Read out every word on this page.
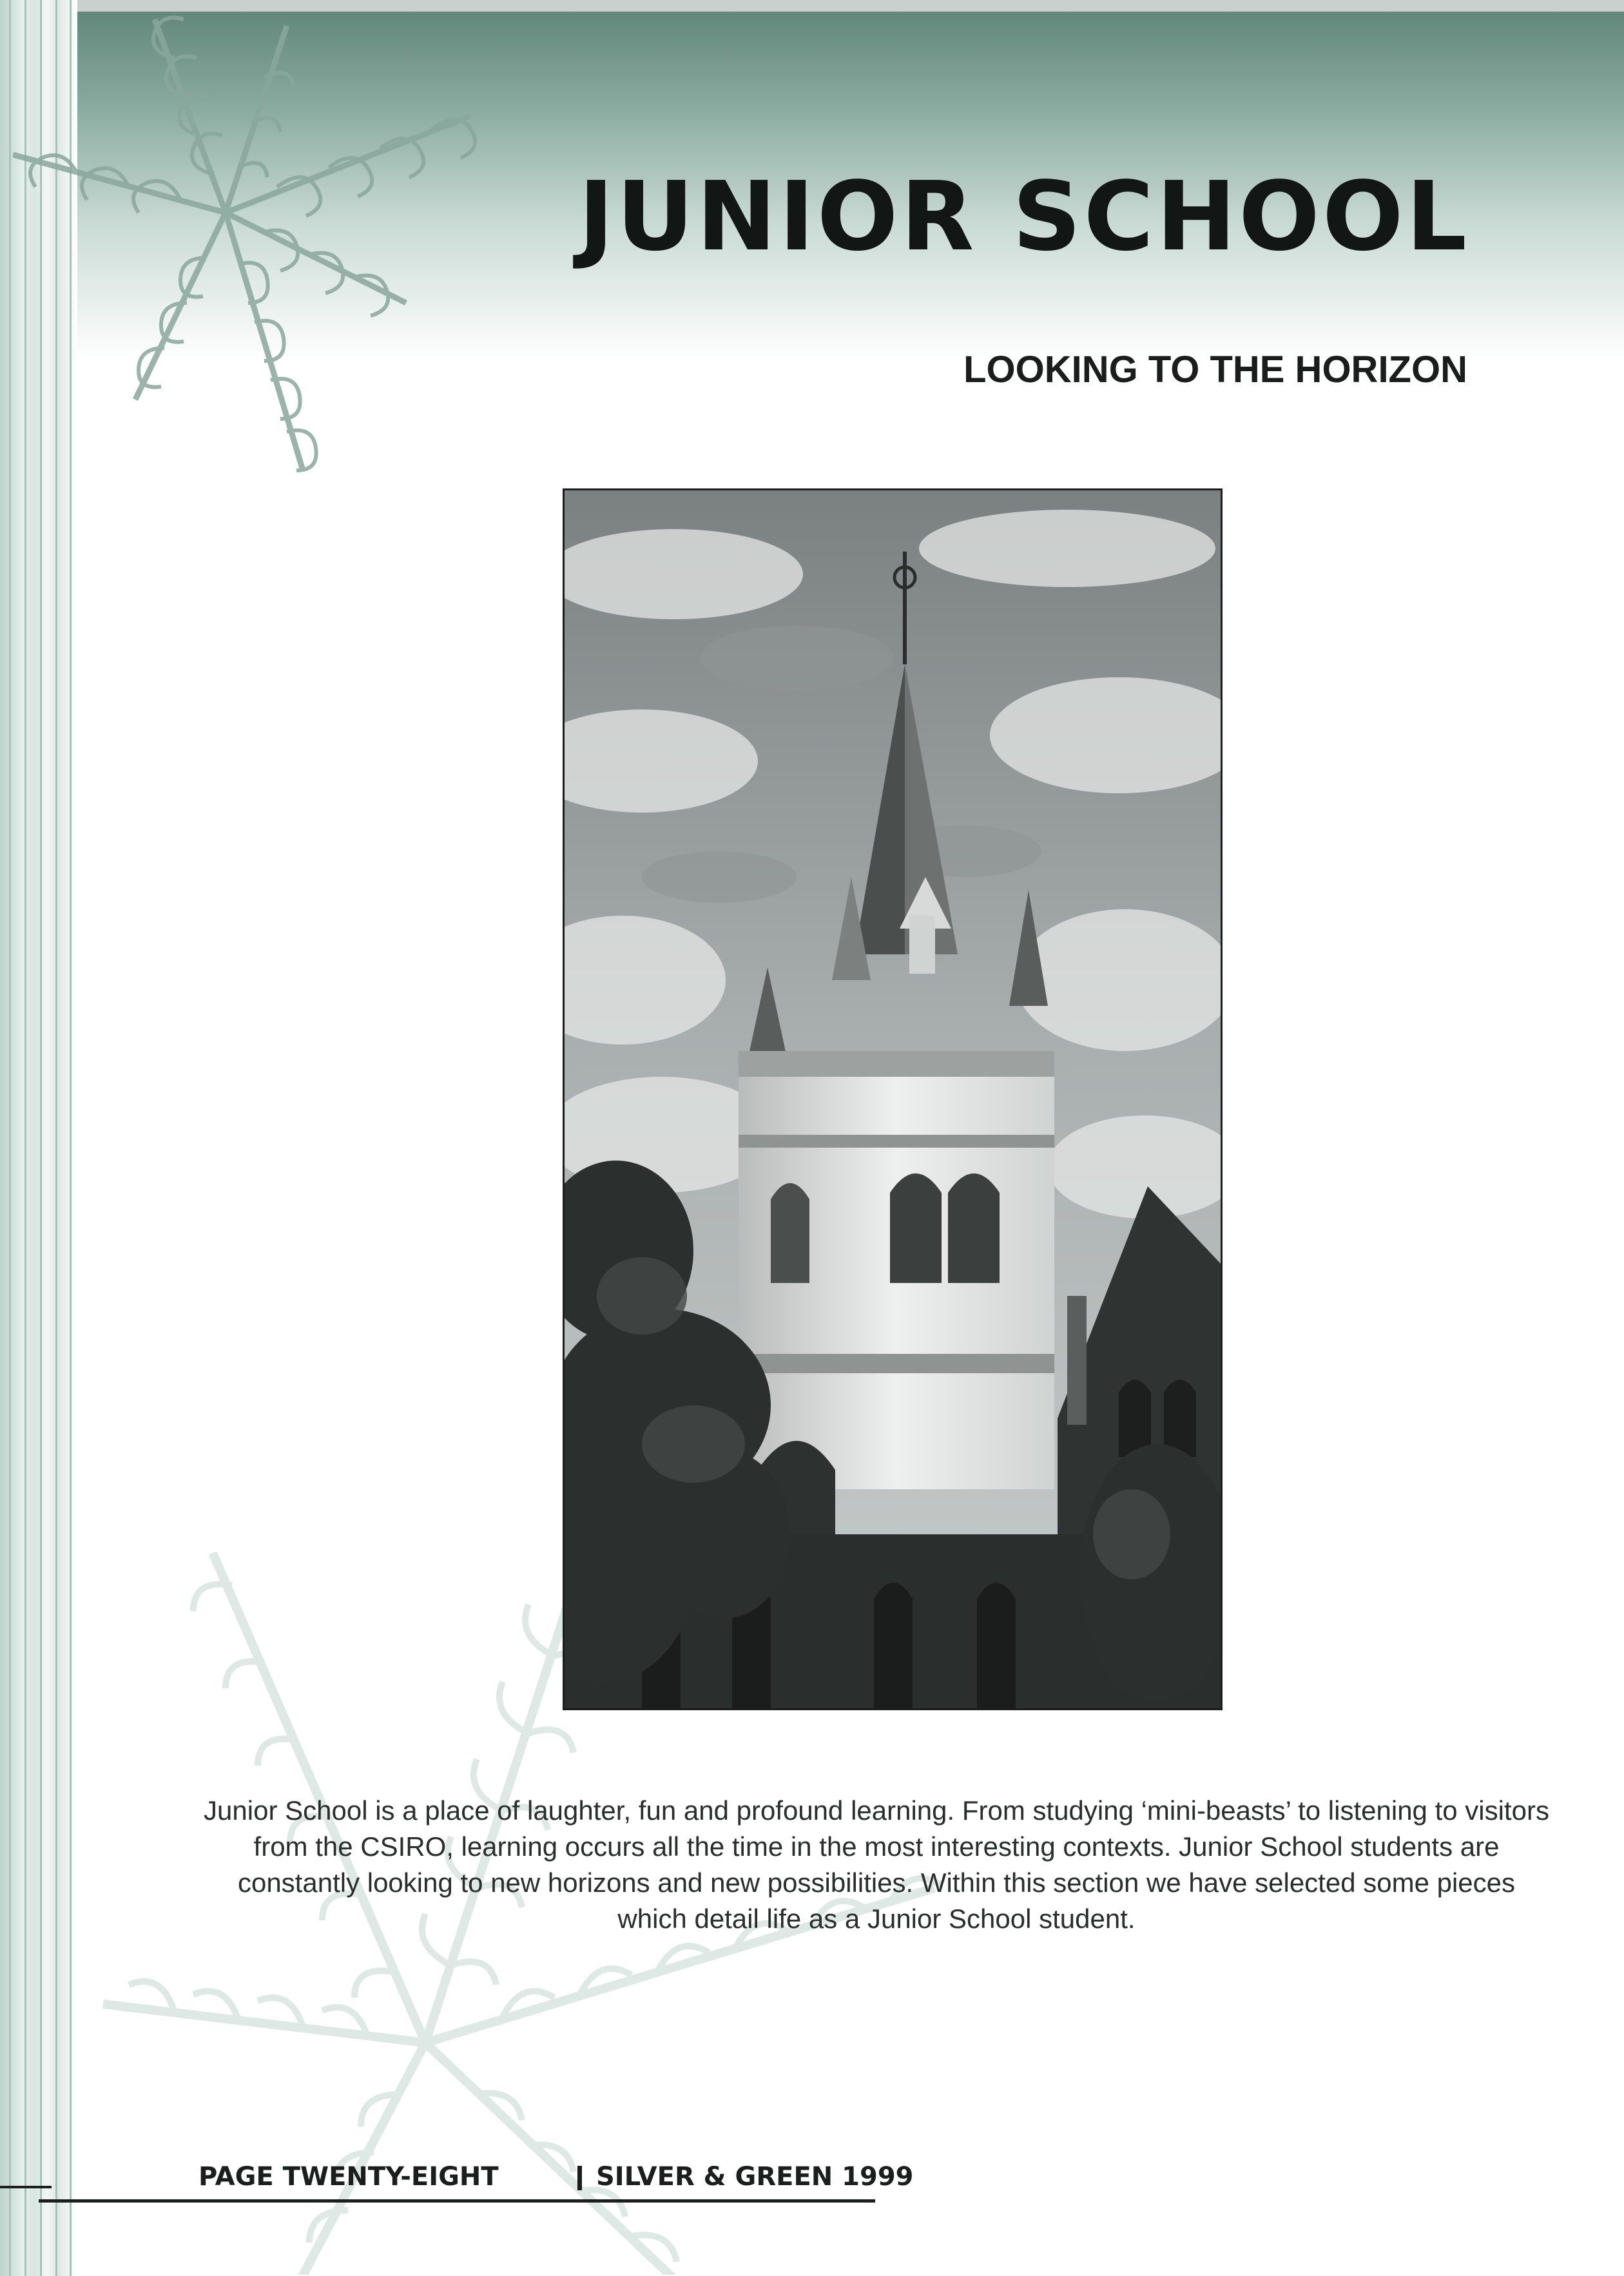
JUNIOR SCHOOL
LOOKING TO THE HORIZON

Junior School is a place of laughter, fun and profound learning. From studying ‘mini-beasts’ to listening to visitors from the CSIRO, learning occurs all the time in the most interesting contexts. Junior School students are constantly looking to new horizons and new possibilities. Within this section we have selected some pieces which detail life as a Junior School student.

PAGE TWENTY-EIGHT	SILVER & GREEN 1999
